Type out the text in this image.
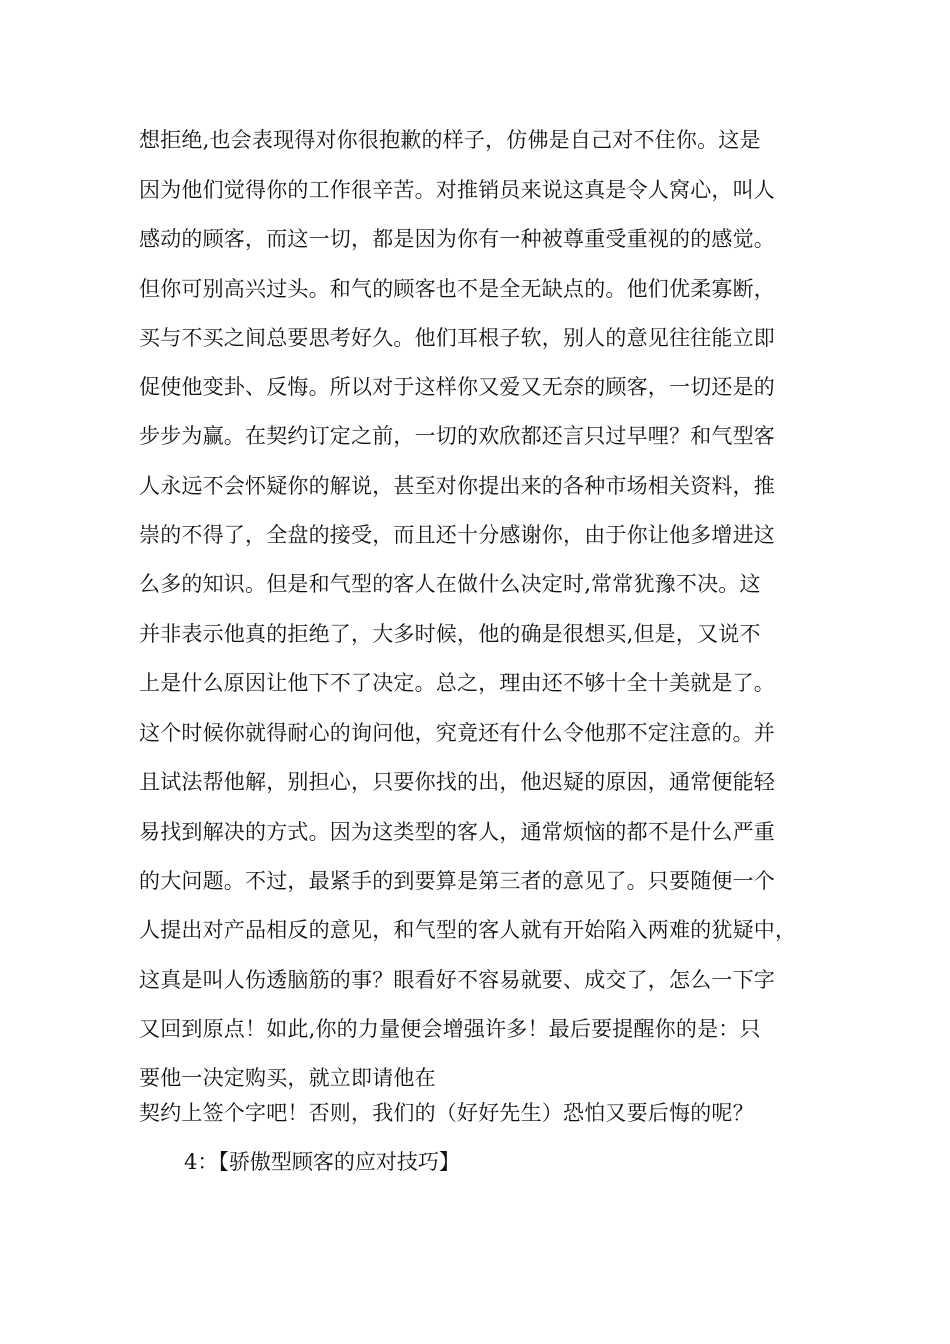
想拒绝,也会表现得对你很抱歉的样子，仿佛是自己对不住你。这是
因为他们觉得你的工作很辛苦。对推销员来说这真是令人窝心，叫人
感动的顾客，而这一切，都是因为你有一种被尊重受重视的的感觉。
但你可别高兴过头。和气的顾客也不是全无缺点的。他们优柔寡断，
买与不买之间总要思考好久。他们耳根子软，别人的意见往往能立即
促使他变卦、反悔。所以对于这样你又爱又无奈的顾客，一切还是的
步步为赢。在契约订定之前，一切的欢欣都还言只过早哩？和气型客
人永远不会怀疑你的解说，甚至对你提出来的各种市场相关资料，推
崇的不得了，全盘的接受，而且还十分感谢你，由于你让他多增进这
么多的知识。但是和气型的客人在做什么决定时,常常犹豫不决。这
并非表示他真的拒绝了，大多时候，他的确是很想买,但是，又说不
上是什么原因让他下不了决定。总之，理由还不够十全十美就是了。
这个时候你就得耐心的询问他，究竟还有什么令他那不定注意的。并
且试法帮他解，别担心，只要你找的出，他迟疑的原因，通常便能轻
易找到解决的方式。因为这类型的客人，通常烦恼的都不是什么严重
的大问题。不过，最紧手的到要算是第三者的意见了。只要随便一个
人提出对产品相反的意见，和气型的客人就有开始陷入两难的犹疑中，
这真是叫人伤透脑筋的事？眼看好不容易就要、成交了，怎么一下字
又回到原点！如此,你的力量便会增强许多！最后要提醒你的是：只
要他一决定购买，就立即请他在
契约上签个字吧！否则，我们的（好好先生）恐怕又要后悔的呢？
4：【骄傲型顾客的应对技巧】
